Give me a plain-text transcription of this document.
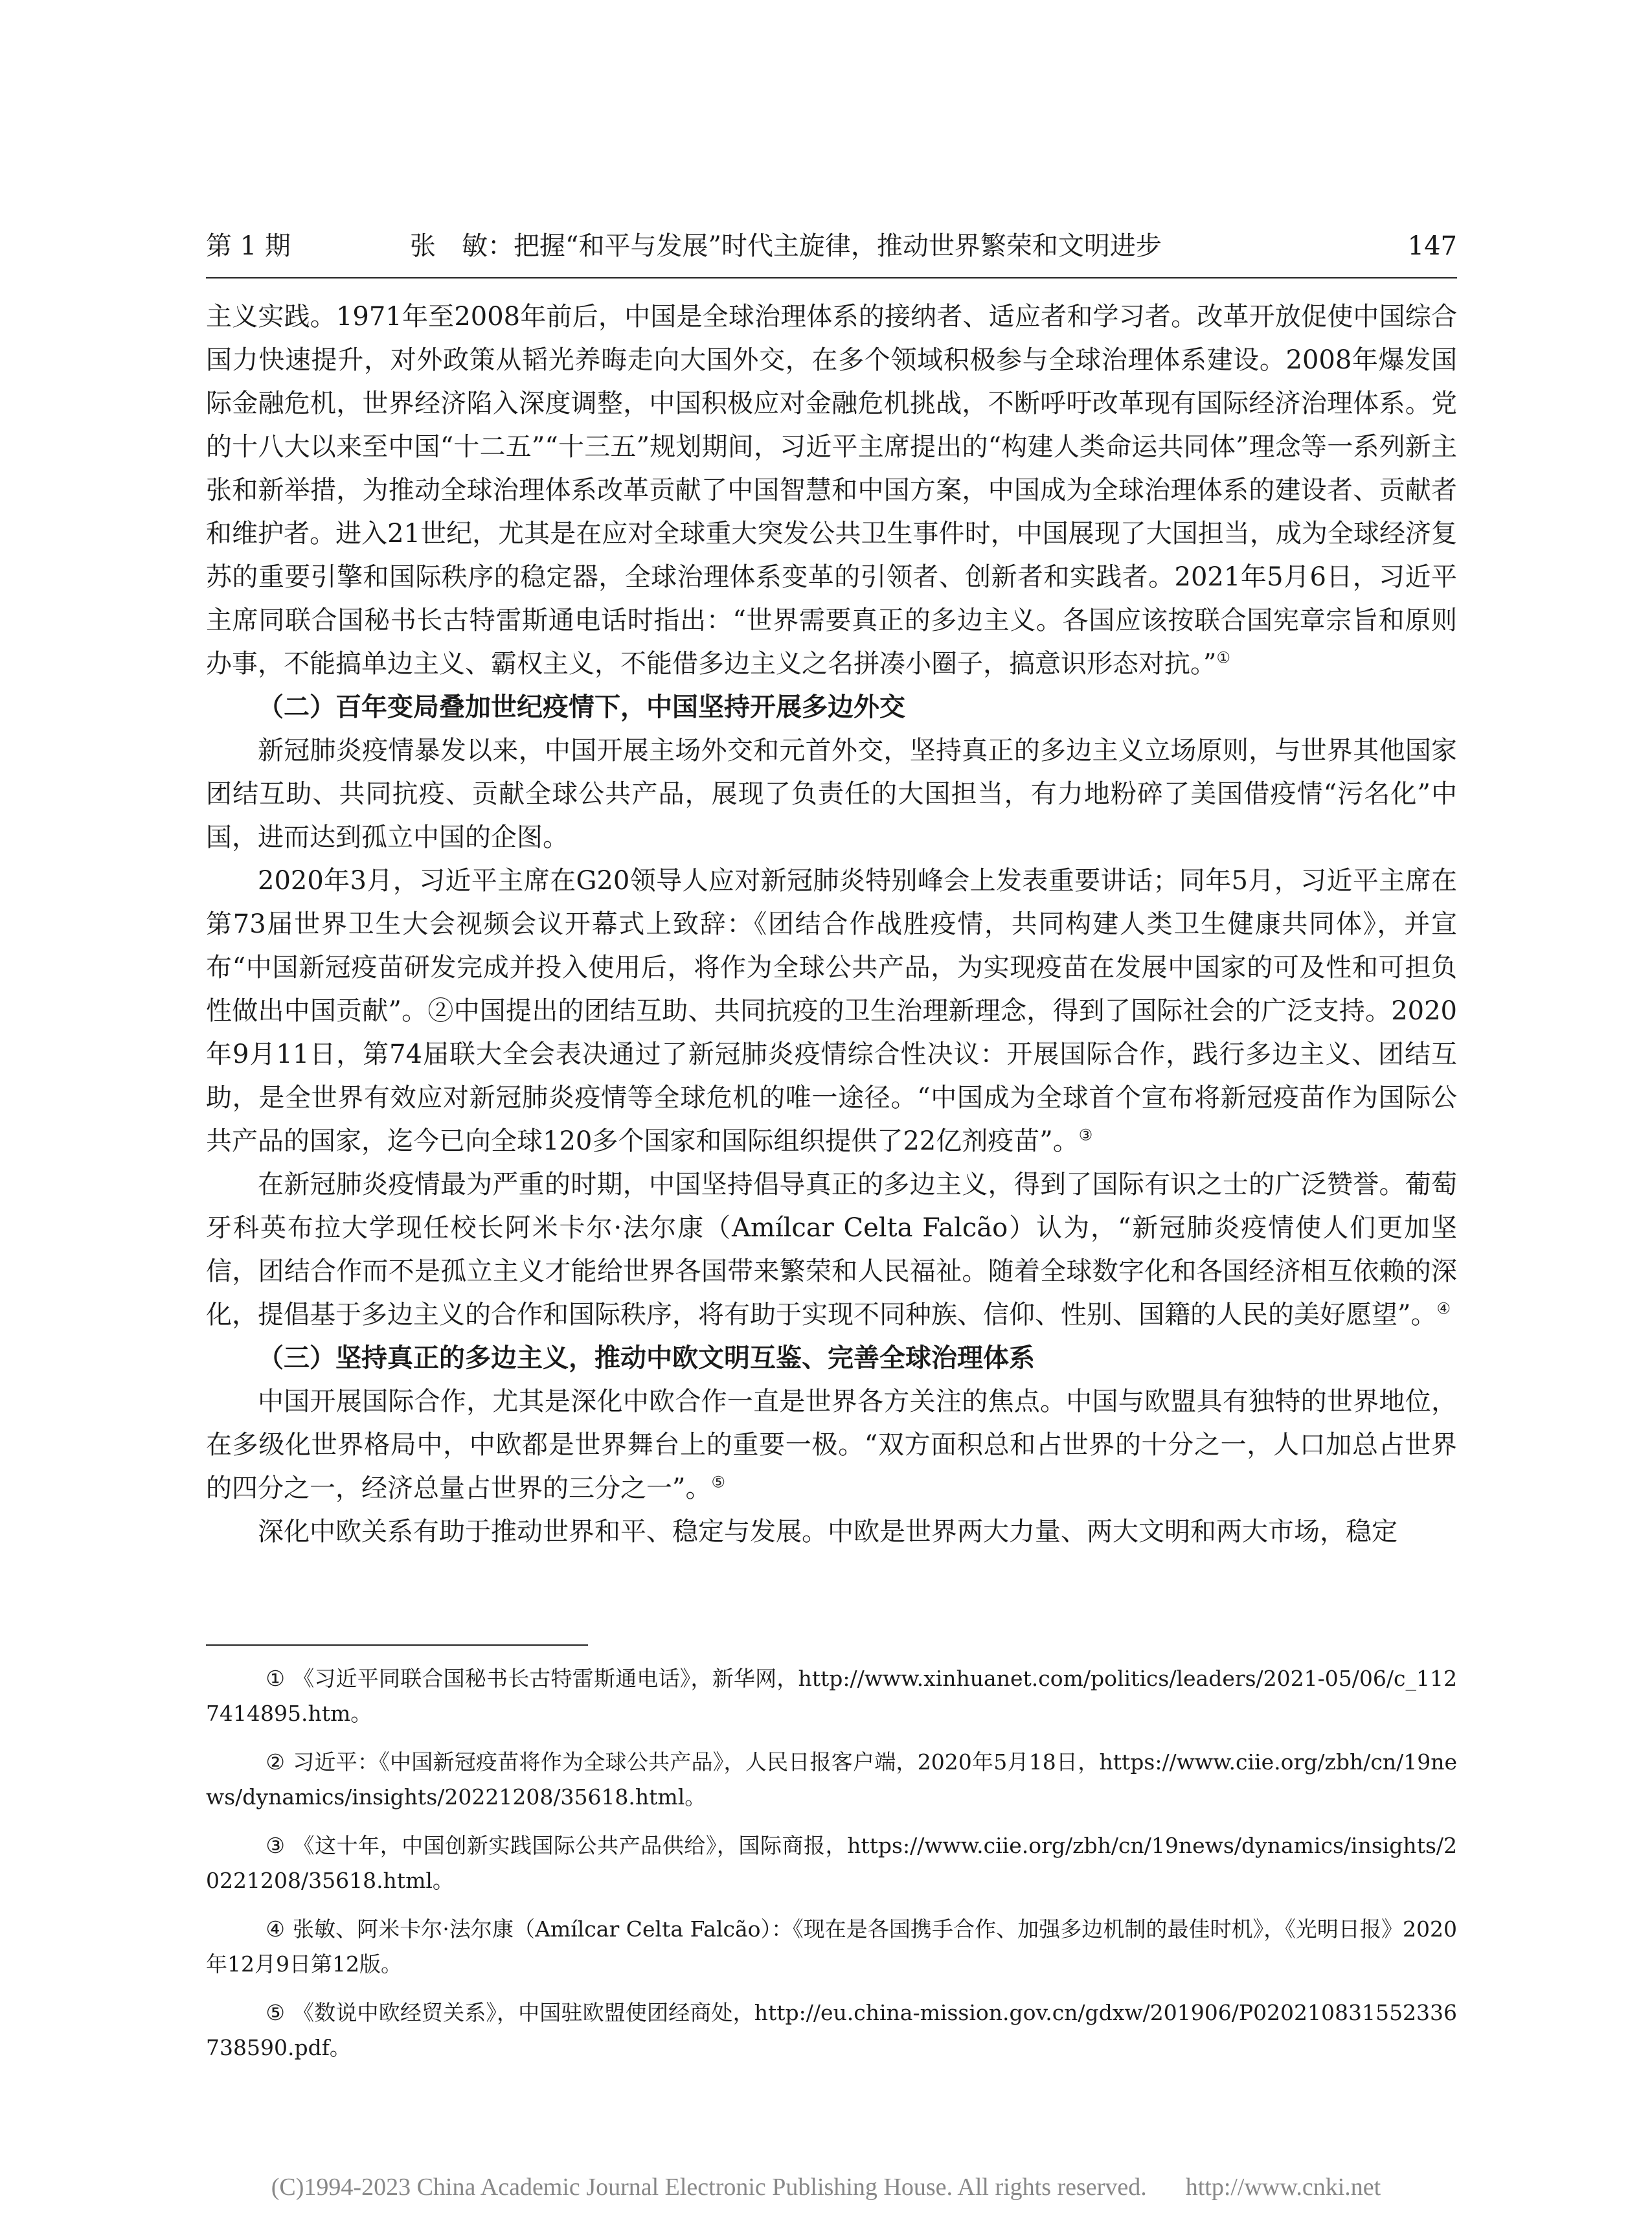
第 1 期	张　敏：把握“和平与发展”时代主旋律，推动世界繁荣和文明进步	147

主义实践。1971年至2008年前后，中国是全球治理体系的接纳者、适应者和学习者。改革开放促使中国综合国力快速提升，对外政策从韬光养晦走向大国外交，在多个领域积极参与全球治理体系建设。2008年爆发国际金融危机，世界经济陷入深度调整，中国积极应对金融危机挑战，不断呼吁改革现有国际经济治理体系。党的十八大以来至中国“十二五”“十三五”规划期间，习近平主席提出的“构建人类命运共同体”理念等一系列新主张和新举措，为推动全球治理体系改革贡献了中国智慧和中国方案，中国成为全球治理体系的建设者、贡献者和维护者。进入21世纪，尤其是在应对全球重大突发公共卫生事件时，中国展现了大国担当，成为全球经济复苏的重要引擎和国际秩序的稳定器，全球治理体系变革的引领者、创新者和实践者。2021年5月6日，习近平主席同联合国秘书长古特雷斯通电话时指出：“世界需要真正的多边主义。各国应该按联合国宪章宗旨和原则办事，不能搞单边主义、霸权主义，不能借多边主义之名拼凑小圈子，搞意识形态对抗。”①

（二）百年变局叠加世纪疫情下，中国坚持开展多边外交

新冠肺炎疫情暴发以来，中国开展主场外交和元首外交，坚持真正的多边主义立场原则，与世界其他国家团结互助、共同抗疫、贡献全球公共产品，展现了负责任的大国担当，有力地粉碎了美国借疫情“污名化”中国，进而达到孤立中国的企图。

2020年3月，习近平主席在G20领导人应对新冠肺炎特别峰会上发表重要讲话；同年5月，习近平主席在第73届世界卫生大会视频会议开幕式上致辞：《团结合作战胜疫情，共同构建人类卫生健康共同体》，并宣布“中国新冠疫苗研发完成并投入使用后，将作为全球公共产品，为实现疫苗在发展中国家的可及性和可担负性做出中国贡献”。②中国提出的团结互助、共同抗疫的卫生治理新理念，得到了国际社会的广泛支持。2020年9月11日，第74届联大全会表决通过了新冠肺炎疫情综合性决议：开展国际合作，践行多边主义、团结互助，是全世界有效应对新冠肺炎疫情等全球危机的唯一途径。“中国成为全球首个宣布将新冠疫苗作为国际公共产品的国家，迄今已向全球120多个国家和国际组织提供了22亿剂疫苗”。③

在新冠肺炎疫情最为严重的时期，中国坚持倡导真正的多边主义，得到了国际有识之士的广泛赞誉。葡萄牙科英布拉大学现任校长阿米卡尔·法尔康（Amílcar Celta Falcão）认为，“新冠肺炎疫情使人们更加坚信，团结合作而不是孤立主义才能给世界各国带来繁荣和人民福祉。随着全球数字化和各国经济相互依赖的深化，提倡基于多边主义的合作和国际秩序，将有助于实现不同种族、信仰、性别、国籍的人民的美好愿望”。④

（三）坚持真正的多边主义，推动中欧文明互鉴、完善全球治理体系

中国开展国际合作，尤其是深化中欧合作一直是世界各方关注的焦点。中国与欧盟具有独特的世界地位，在多级化世界格局中，中欧都是世界舞台上的重要一极。“双方面积总和占世界的十分之一，人口加总占世界的四分之一，经济总量占世界的三分之一”。⑤

深化中欧关系有助于推动世界和平、稳定与发展。中欧是世界两大力量、两大文明和两大市场，稳定

① 《习近平同联合国秘书长古特雷斯通电话》，新华网，http://www.xinhuanet.com/politics/leaders/2021-05/06/c_1127414895.htm。

② 习近平：《中国新冠疫苗将作为全球公共产品》，人民日报客户端，2020年5月18日，https://www.ciie.org/zbh/cn/19news/dynamics/insights/20221208/35618.html。

③ 《这十年，中国创新实践国际公共产品供给》，国际商报，https://www.ciie.org/zbh/cn/19news/dynamics/insights/20221208/35618.html。

④ 张敏、阿米卡尔·法尔康（Amílcar Celta Falcão）：《现在是各国携手合作、加强多边机制的最佳时机》，《光明日报》2020年12月9日第12版。

⑤ 《数说中欧经贸关系》，中国驻欧盟使团经商处，http://eu.china-mission.gov.cn/gdxw/201906/P020210831552336738590.pdf。

(C)1994-2023 China Academic Journal Electronic Publishing House. All rights reserved. http://www.cnki.net
